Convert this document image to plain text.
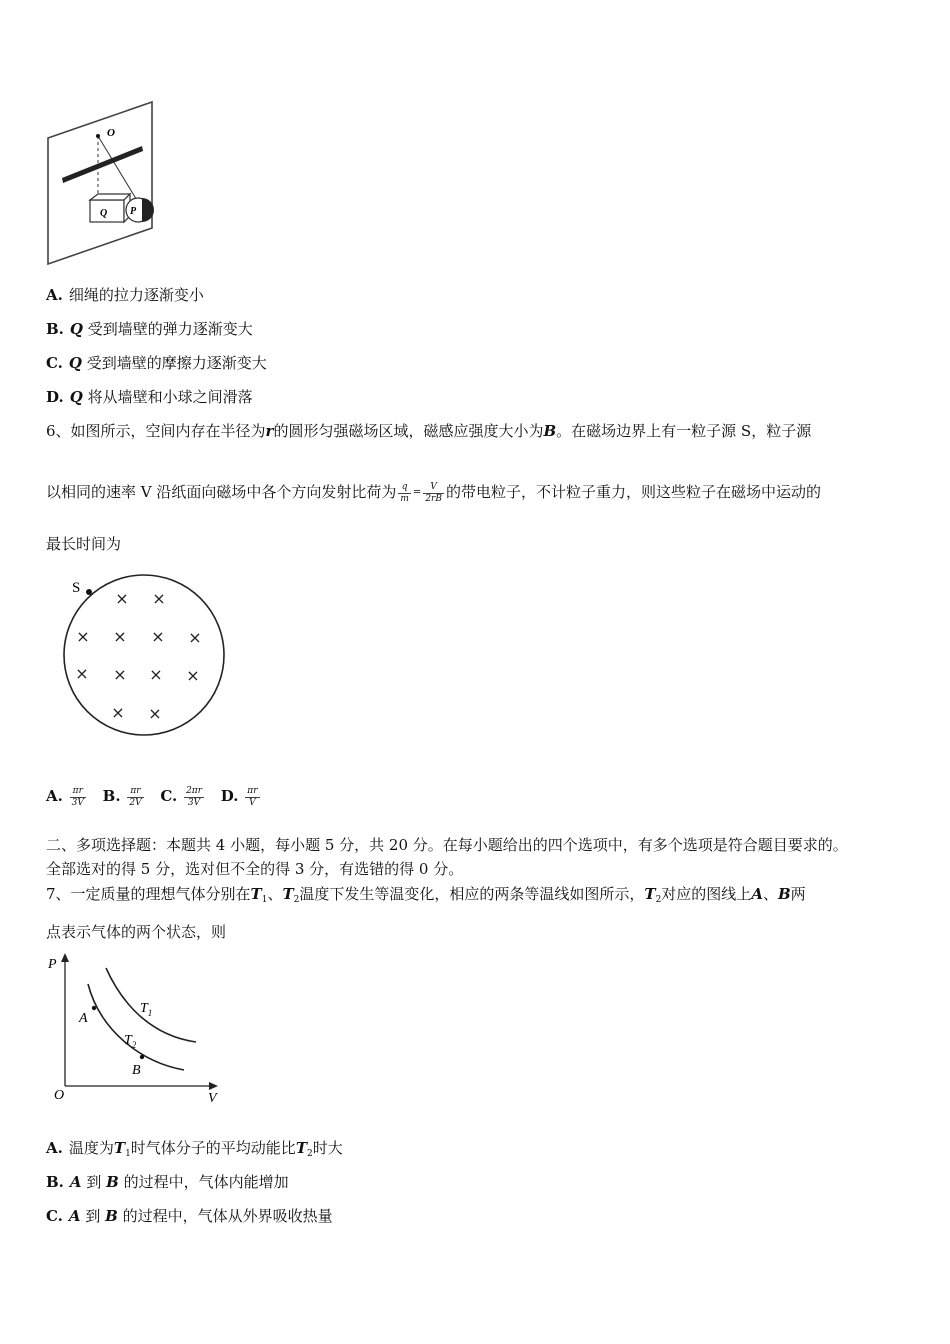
O
Q P
A. 细绳的拉力逐渐变小
B. Q 受到墙壁的弹力逐渐变大
C. Q 受到墙壁的摩擦力逐渐变大
D. Q 将从墙壁和小球之间滑落
6、如图所示，空间内存在半径为r的圆形匀强磁场区域，磁感应强度大小为B。在磁场边界上有一粒子源 S，粒子源
以相同的速率 V 沿纸面向磁场中各个方向发射比荷为 $\frac{q}{m} = \frac{V}{2rB}$ 的带电粒子，不计粒子重力，则这些粒子在磁场中运动的
最长时间为
S
× ×
× × × ×
× × × ×
× ×
A. $\frac{\pi r}{3V} B$. $\frac{\pi r}{2V} C$. $\frac{2\pi r}{3V} D$. $\frac{\pi r}{V}$
二、多项选择题：本题共 4 小题，每小题 5 分，共 20 分。在每小题给出的四个选项中，有多个选项是符合题目要求的。
全部选对的得 5 分，选对但不全的得 3 分，有选错的得 0 分。
7、一定质量的理想气体分别在$T_1$、$T_2$温度下发生等温变化，相应的两条等温线如图所示，$T_2$对应的图线上A、B两
点表示气体的两个状态，则
P
V
O
$T_1$
$T_2$
A
B
A. 温度为$T_1$时气体分子的平均动能比$T_2$时大
B. A 到 B 的过程中，气体内能增加
C. A 到 B 的过程中，气体从外界吸收热量
